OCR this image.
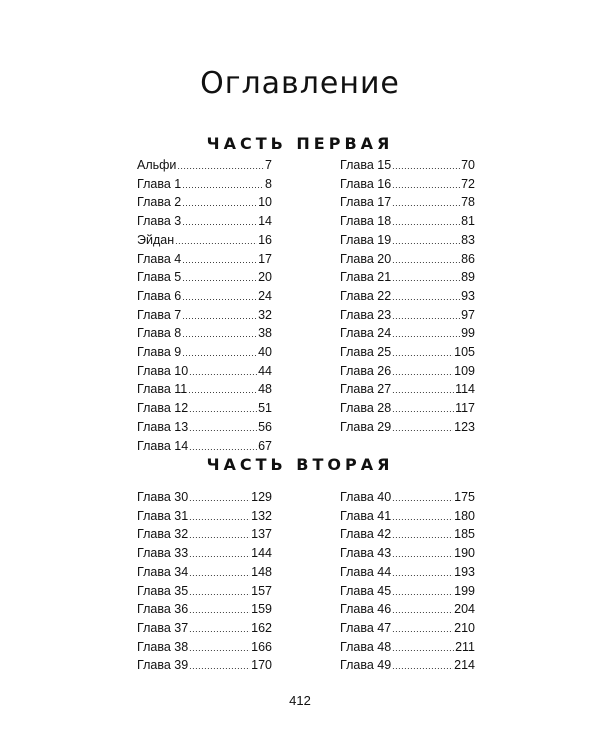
Оглавление
ЧАСТЬ ПЕРВАЯ
Альфи .....	7
Глава 1 .....	8
Глава 2 .....	10
Глава 3 .....	14
Эйдан .....	16
Глава 4 .....	17
Глава 5 .....	20
Глава 6 .....	24
Глава 7 .....	32
Глава 8 .....	38
Глава 9 .....	40
Глава 10 .....	44
Глава 11 .....	48
Глава 12 .....	51
Глава 13 .....	56
Глава 14 .....	67
Глава 15 .....	70
Глава 16 .....	72
Глава 17 .....	78
Глава 18 .....	81
Глава 19 .....	83
Глава 20 .....	86
Глава 21 .....	89
Глава 22 .....	93
Глава 23 .....	97
Глава 24 .....	99
Глава 25 .....	105
Глава 26 .....	109
Глава 27 .....	114
Глава 28 .....	117
Глава 29 .....	123
ЧАСТЬ ВТОРАЯ
Глава 30 .....	129
Глава 31 .....	132
Глава 32 .....	137
Глава 33 .....	144
Глава 34 .....	148
Глава 35 .....	157
Глава 36 .....	159
Глава 37 .....	162
Глава 38 .....	166
Глава 39 .....	170
Глава 40 .....	175
Глава 41 .....	180
Глава 42 .....	185
Глава 43 .....	190
Глава 44 .....	193
Глава 45 .....	199
Глава 46 .....	204
Глава 47 .....	210
Глава 48 .....	211
Глава 49 .....	214
412
